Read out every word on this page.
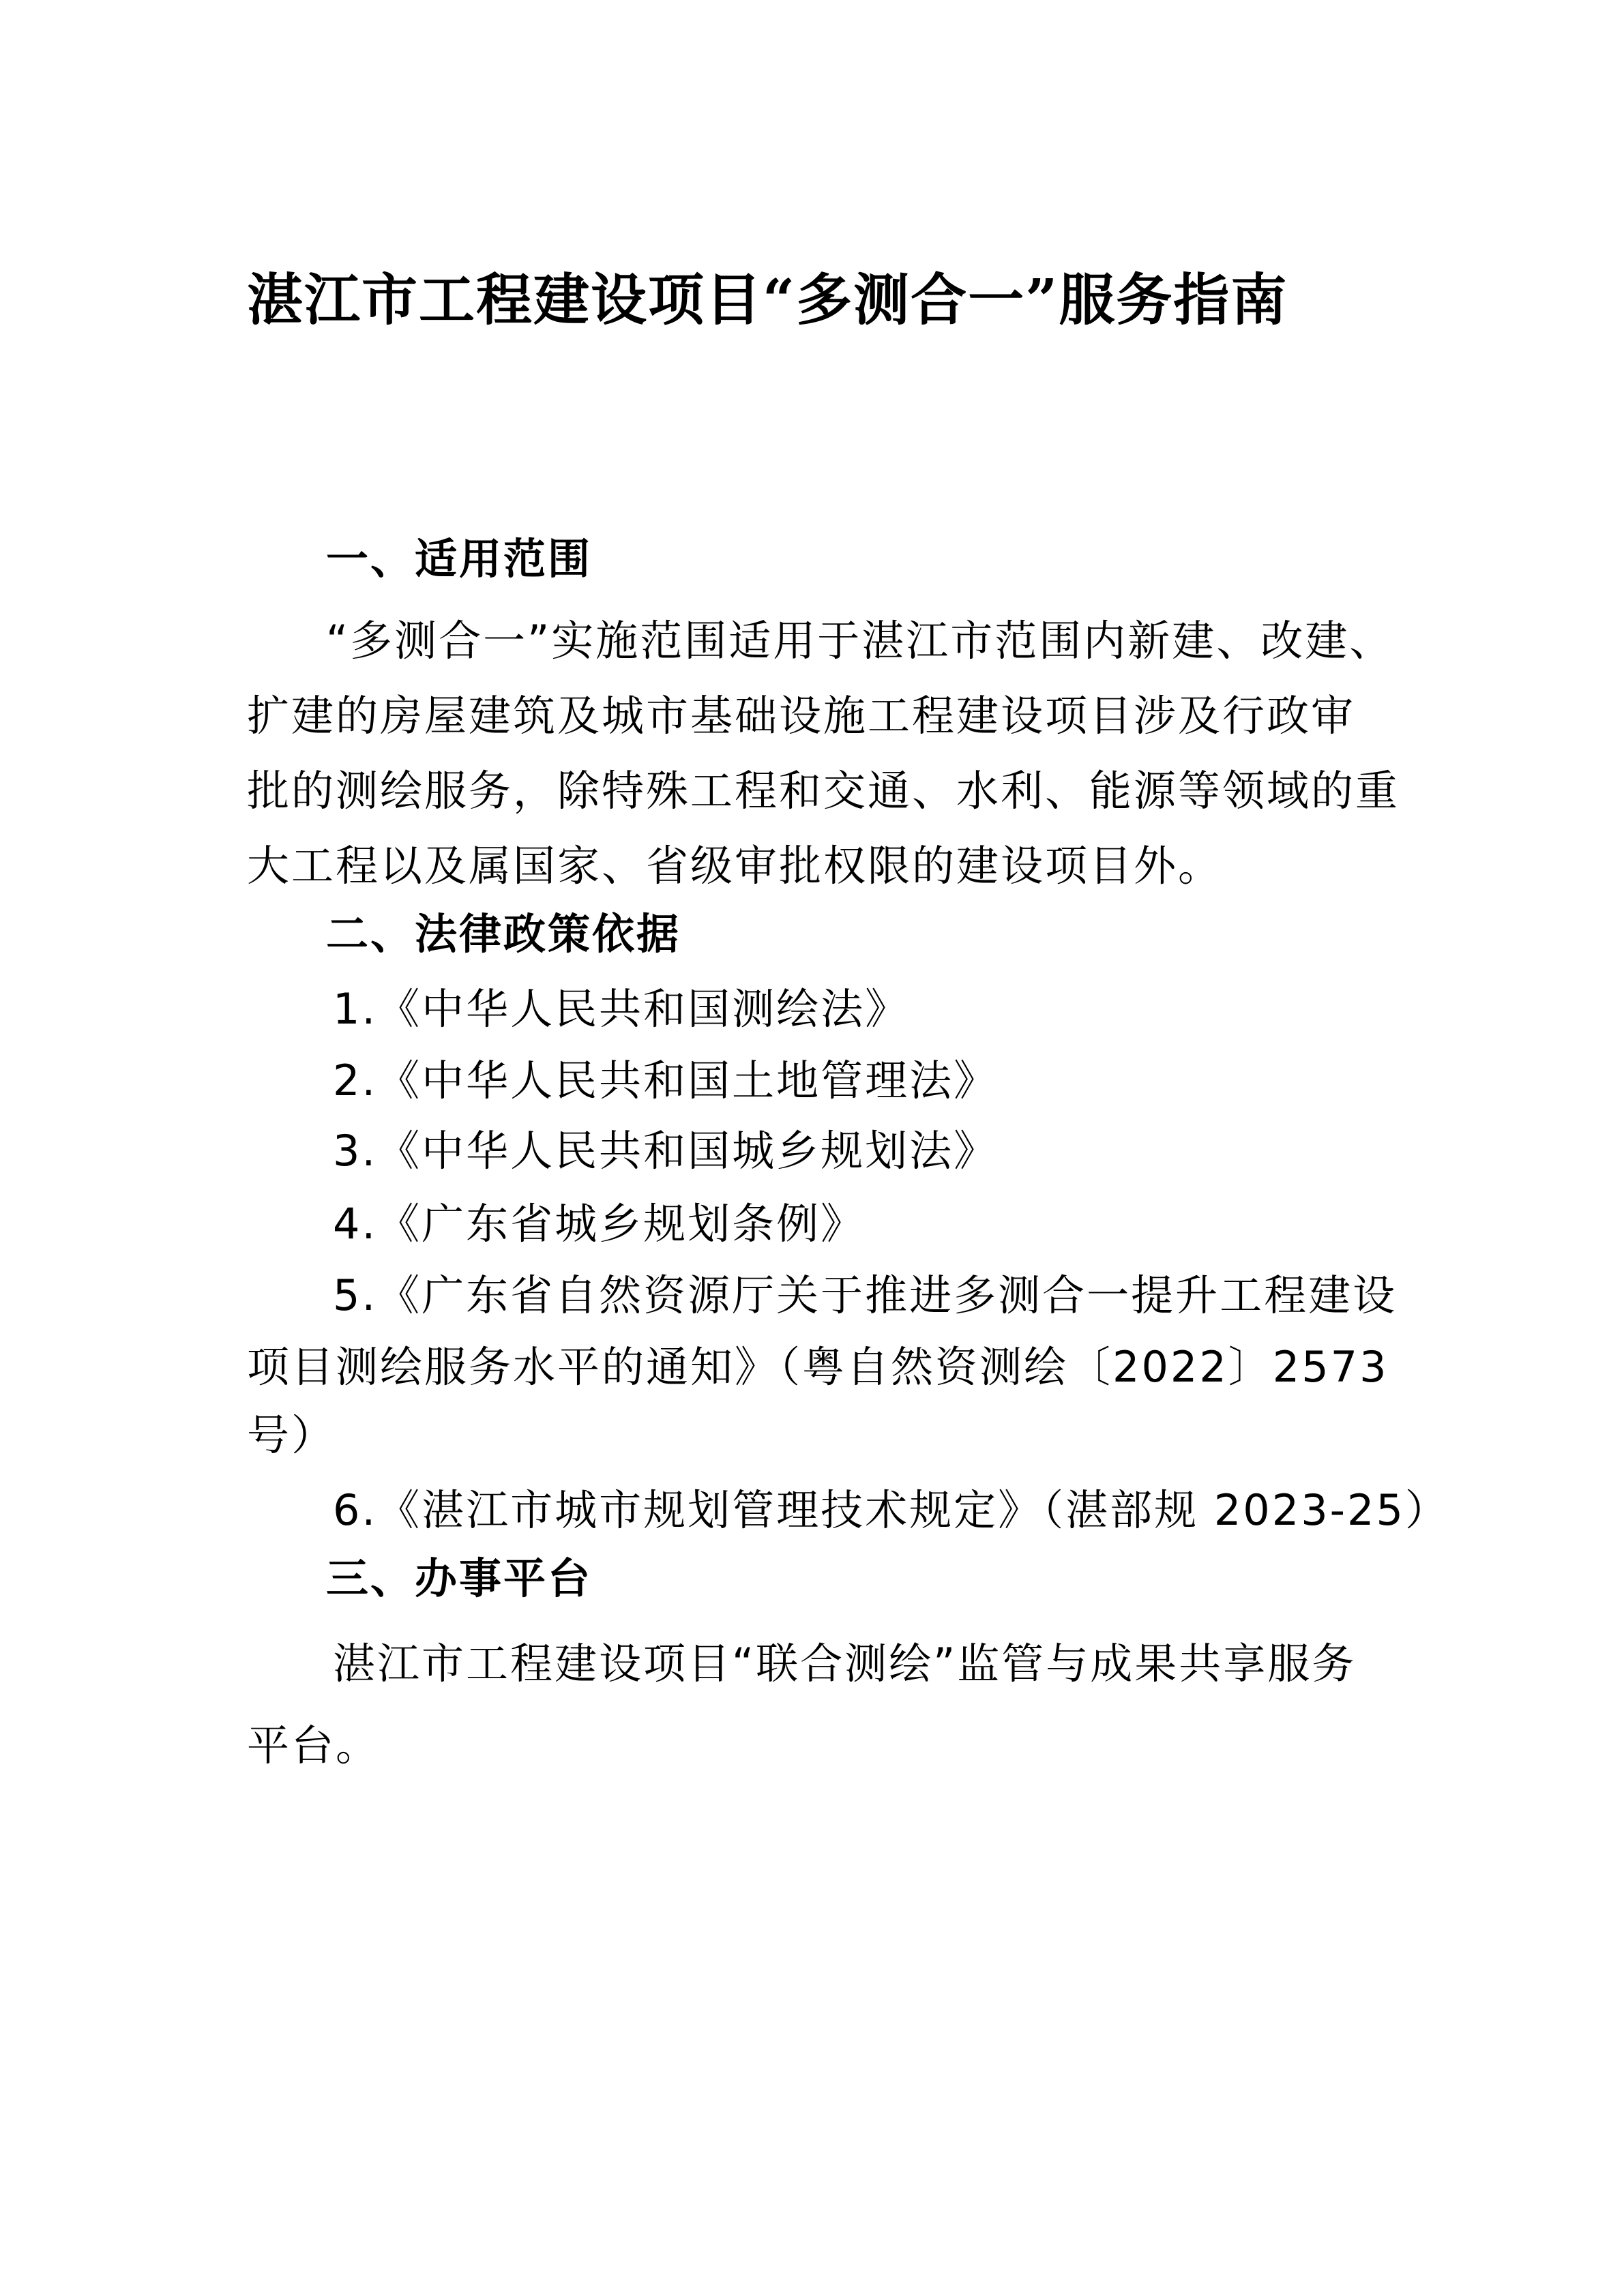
湛江市工程建设项目“多测合一”服务指南
一、适用范围
“多测合一”实施范围适用于湛江市范围内新建、改建、
扩建的房屋建筑及城市基础设施工程建设项目涉及行政审
批的测绘服务，除特殊工程和交通、水利、能源等领域的重
大工程以及属国家、省级审批权限的建设项目外。
二、法律政策依据
1.《中华人民共和国测绘法》
2.《中华人民共和国土地管理法》
3.《中华人民共和国城乡规划法》
4.《广东省城乡规划条例》
5.《广东省自然资源厅关于推进多测合一提升工程建设
项目测绘服务水平的通知》（粤自然资测绘〔2022〕2573
号）
6.《湛江市城市规划管理技术规定》（湛部规 2023-25）
三、办事平台
湛江市工程建设项目“联合测绘”监管与成果共享服务
平台。
